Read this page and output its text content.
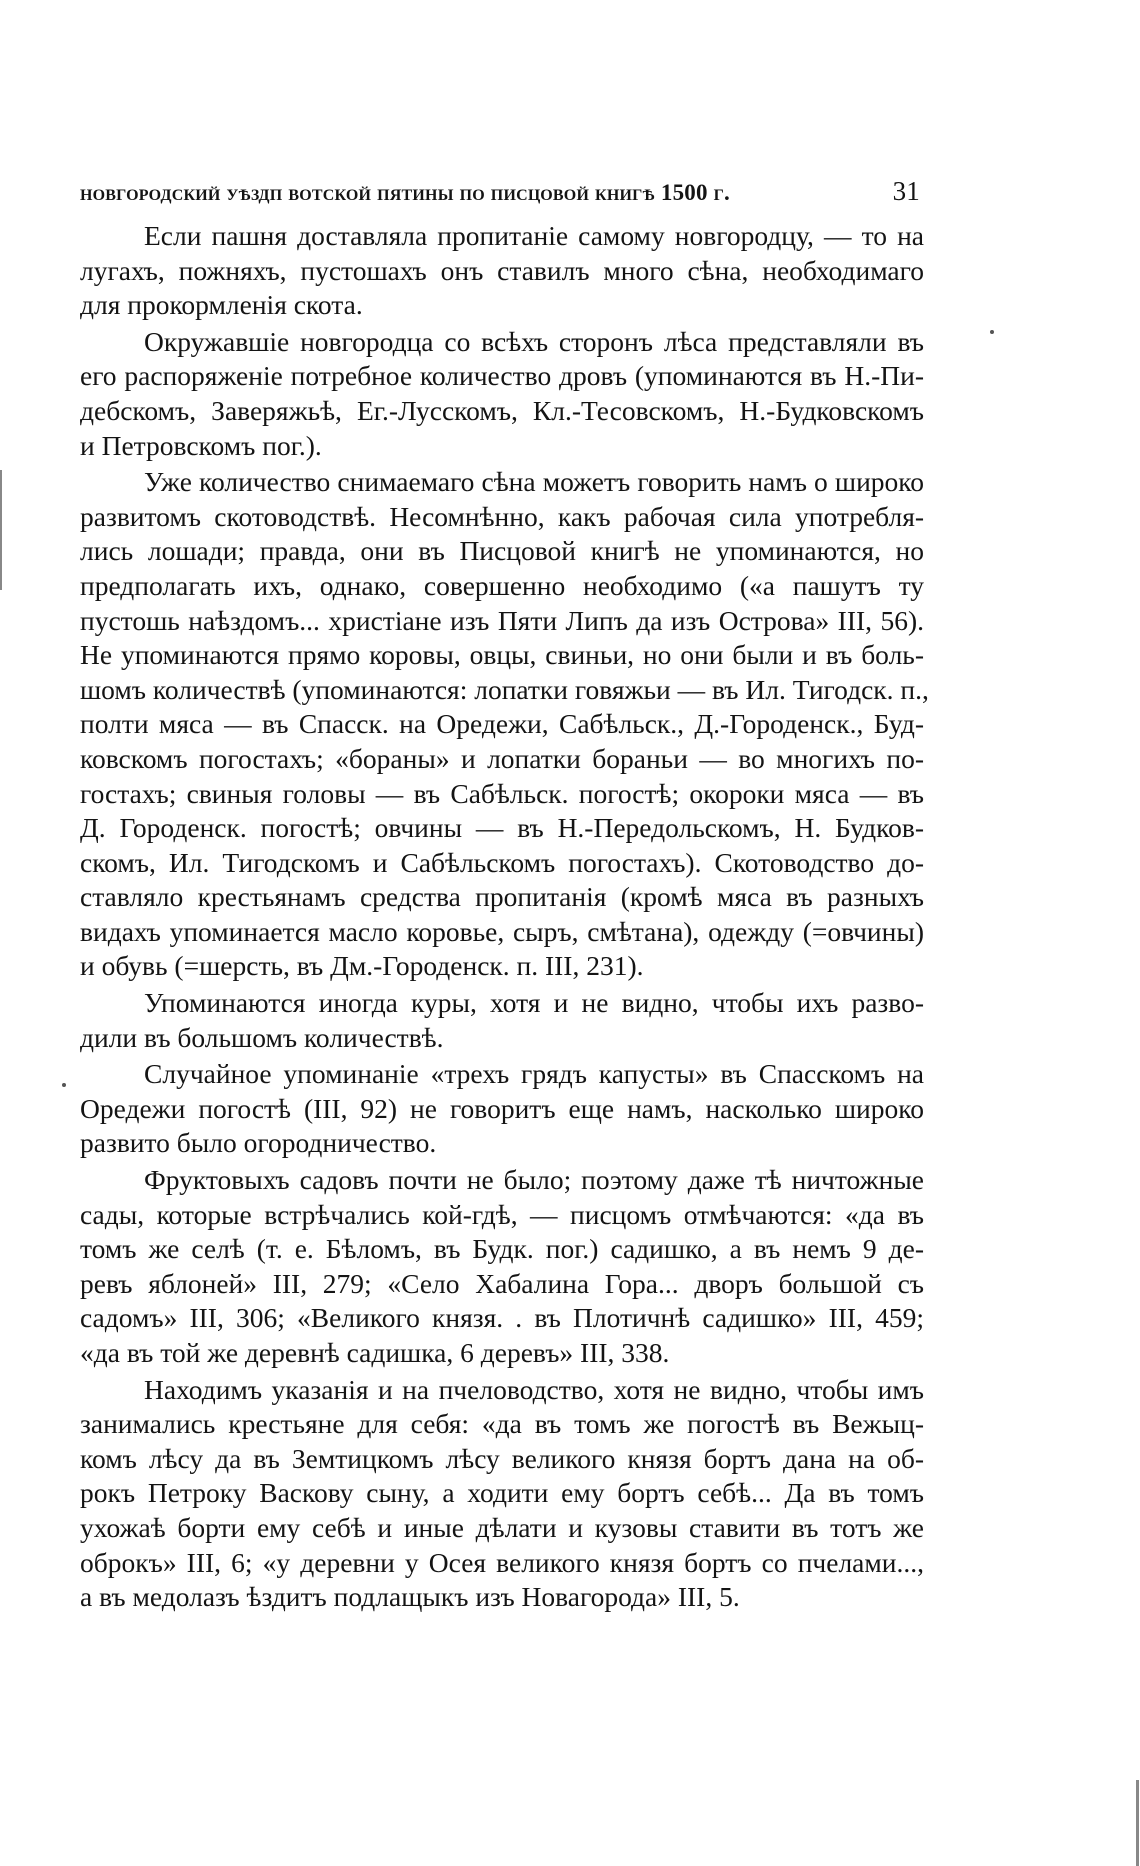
новгородский уѣздп вотской пятины по писцовой книгѣ 1500 г.	31
Если пашня доставляла пропитаніе самому новгородцу, — то на
лугахъ, пожняхъ, пустошахъ онъ ставилъ много сѣна, необходимаго
для прокормленія скота.
Окружавшіе новгородца со всѣхъ сторонъ лѣса представляли въ
его распоряженіе потребное количество дровъ (упоминаются въ Н.-Пи-
дебскомъ, Заверяжьѣ, Ег.-Лусскомъ, Кл.-Тесовскомъ, Н.-Будковскомъ
и Петровскомъ пог.).
Уже количество снимаемаго сѣна можетъ говорить намъ о широко
развитомъ скотоводствѣ. Несомнѣнно, какъ рабочая сила употребля-
лись лошади; правда, они въ Писцовой книгѣ не упоминаются, но
предполагать ихъ, однако, совершенно необходимо («а пашутъ ту
пустошь наѣздомъ... христіане изъ Пяти Липъ да изъ Острова» III, 56).
Не упоминаются прямо коровы, овцы, свиньи, но они были и въ боль-
шомъ количествѣ (упоминаются: лопатки говяжьи — въ Ил. Тигодск. п.,
полти мяса — въ Спасск. на Оредежи, Сабѣльск., Д.-Городенск., Буд-
ковскомъ погостахъ; «бораны» и лопатки бораньи — во многихъ по-
гостахъ; свиныя головы — въ Сабѣльск. погостѣ; окороки мяса — въ
Д. Городенск. погостѣ; овчины — въ Н.-Передольскомъ, Н. Будков-
скомъ, Ил. Тигодскомъ и Сабѣльскомъ погостахъ). Скотоводство до-
ставляло крестьянамъ средства пропитанія (кромѣ мяса въ разныхъ
видахъ упоминается масло коровье, сыръ, смѣтана), одежду (=овчины)
и обувь (=шерсть, въ Дм.-Городенск. п. III, 231).
Упоминаются иногда куры, хотя и не видно, чтобы ихъ разво-
дили въ большомъ количествѣ.
Случайное упоминаніе «трехъ грядъ капусты» въ Спасскомъ на
Оредежи погостѣ (III, 92) не говоритъ еще намъ, насколько широко
развито было огородничество.
Фруктовыхъ садовъ почти не было; поэтому даже тѣ ничтожные
сады, которые встрѣчались кой-гдѣ, — писцомъ отмѣчаются: «да въ
томъ же селѣ (т. е. Бѣломъ, въ Будк. пог.) садишко, а въ немъ 9 де-
ревъ яблоней» III, 279; «Село Хабалина Гора... дворъ большой съ
садомъ» III, 306; «Великого князя. . въ Плотичнѣ садишко» III, 459;
«да въ той же деревнѣ садишка, 6 деревъ» III, 338.
Находимъ указанія и на пчеловодство, хотя не видно, чтобы имъ
занимались крестьяне для себя: «да въ томъ же погостѣ въ Вежыц-
комъ лѣсу да въ Земтицкомъ лѣсу великого князя бортъ дана на об-
рокъ Петроку Васкову сыну, а ходити ему бортъ себѣ... Да въ томъ
ухожаѣ борти ему себѣ и иные дѣлати и кузовы ставити въ тотъ же
оброкъ» III, 6; «у деревни у Осея великого князя бортъ со пчелами...,
а въ медолазъ ѣздитъ подлащыкъ изъ Новагорода» III, 5.
